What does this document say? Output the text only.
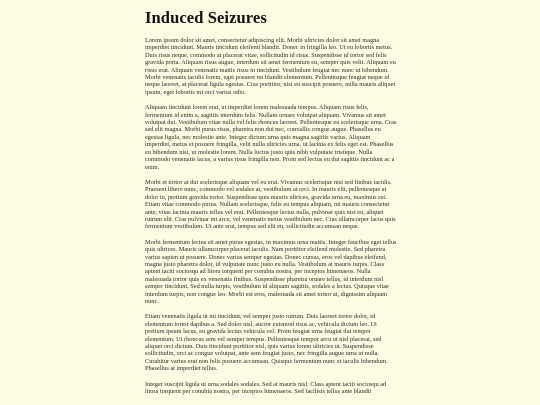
Induced Seizures

Lorem ipsum dolor sit amet, consectetur adipiscing elit. Morbi ultricies dolor sit amet magna imperdiet tincidunt. Mauris tincidunt eleifend blandit. Donec in fringilla leo. Ut eu lobortis metus. Duis risus neque, commodo at placerat vitae, sollicitudin id risus. Suspendisse id tortor sed felis gravida porta. Aliquam risus augue, interdum sit amet fermentum eu, semper quis velit. Aliquam eu risus erat. Aliquam venenatis mattis risus in tincidunt. Vestibulum feugiat nec nunc ut bibendum. Morbi venenatis iaculis lorem, eget posuere mi blandit elementum. Pellentesque feugiat neque id neque laoreet, at placerat ligula egestas. Cras porttitor, nisi eu suscipit posuere, nulla mauris aliquet ipsum, eget lobortis mi orci varius odio.

Aliquam tincidunt lorem erat, ut imperdiet lorem malesuada tempus. Aliquam risus felis, fermentum id enim a, sagittis interdum felis. Nullam ornare volutpat aliquam. Vivamus sit amet volutpat dui. Vestibulum vitae nulla vel felis rhoncus laoreet. Pellentesque eu scelerisque urna. Cras sed elit magna. Morbi purus risus, pharetra non dui nec, convallis congue augue. Phasellus eu egestas ligula, nec molestie ante. Integer dictum urna quis magna sagittis varius. Aliquam imperdiet, metus et posuere fringilla, velit nulla ultricies urna, ut lacinia ex felis eget est. Phasellus eu bibendum nisi, ut molestie lorem. Nulla luctus justo quis nibh vulputate tristique. Nulla commodo venenatis lacus, a varius risus fringilla non. Proin sed lectus eu dui sagittis tincidunt ac a enim.

Morbi et tortor at dui scelerisque aliquam vel eu erat. Vivamus scelerisque nisi sed finibus iaculis. Praesent libero nunc, commodo vel sodales at, vestibulum at orci. In mauris elit, pellentesque at dolor in, pretium gravida tortor. Suspendisse quis mauris ultrices, gravida urna eu, maximus est. Etiam vitae commodo purus. Nullam scelerisque, felis eu tempus aliquam, mi mauris consectetur ante, vitae lacinia mauris tellus vel erat. Pellentesque lectus nulla, pulvinar quis nisi eu, aliquet rutrum elit. Cras pulvinar mi arcu, vel venenatis metus vestibulum nec. Cras ullamcorper lacus quis fermentum vestibulum. Ut ante erat, tempus sed elit eu, sollicitudin accumsan neque.

Morbi fermentum lectus sit amet purus egestas, in maximus urna mattis. Integer faucibus eget tellus quis ultrices. Mauris ullamcorper placerat iaculis. Nam porttitor eleifend molestie. Sed pharetra varius sapien ut posuere. Donec varius semper egestas. Donec cursus, eros vel dapibus eleifend, magna justo pharetra dolor, id vulputate nunc justo eu nulla. Vestibulum at mauris turpis. Class aptent taciti sociosqu ad litora torquent per conubia nostra, per inceptos himenaeos. Nulla malesuada tortor quis ex venenatis finibus. Suspendisse pharetra ornare tellus, id interdum nisl semper tincidunt. Sed nulla turpis, vestibulum id aliquam sagittis, sodales a lectus. Quisque vitae interdum turpis, non congue leo. Morbi est eros, malesuada sit amet tortor at, dignissim aliquam nunc.

Etiam venenatis ligula ut mi tincidunt, vel semper justo rutrum. Duis laoreet tortor dolor, id elementum tortor dapibus a. Sed dolor nisl, auctor euismod risus ac, vehicula dictum leo. Ut pretium ipsum lacus, eu gravida lectus vehicula vel. Proin feugiat urna feugiat dui tempor elementum. Ut rhoncus sem vel semper tempus. Pellentesque tempor arcu ut nisl placerat, sed aliquet orci dictum. Duis tincidunt porttitor nisl, quis varius lorem ultricies ut. Suspendisse sollicitudin, orci ac congue volutpat, ante sem feugiat justo, nec fringilla augue urna ut nulla. Curabitur varius erat non felis posuere accumsan. Quisque fermentum nunc et iaculis bibendum. Phasellus at imperdiet tellus.

Integer suscipit ligula ut urna sodales sodales. Sed at mauris nisl. Class aptent taciti sociosqu ad litora torquent per conubia nostra, per inceptos himenaeos. Sed facilisis tellus ante blandit
